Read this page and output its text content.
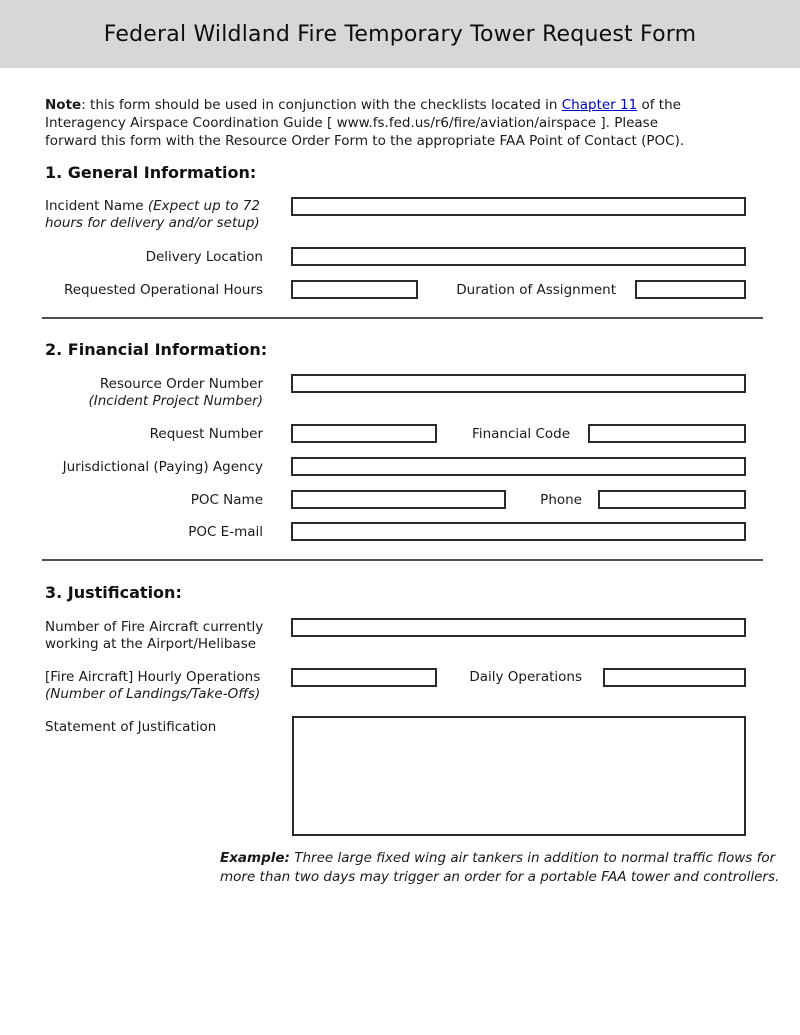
Federal Wildland Fire Temporary Tower Request Form
Note: this form should be used in conjunction with the checklists located in Chapter 11 of the
Interagency Airspace Coordination Guide [ www.fs.fed.us/r6/fire/aviation/airspace ]. Please
forward this form with the Resource Order Form to the appropriate FAA Point of Contact (POC).
1. General Information:
Incident Name (Expect up to 72
hours for delivery and/or setup)
Delivery Location
Requested Operational Hours	Duration of Assignment
2. Financial Information:
Resource Order Number
(Incident Project Number)
Request Number	Financial Code
Jurisdictional (Paying) Agency
POC Name	Phone
POC E-mail
3. Justification:
Number of Fire Aircraft currently
working at the Airport/Helibase
[Fire Aircraft] Hourly Operations
(Number of Landings/Take-Offs)
Daily Operations
Statement of Justification
Example: Three large fixed wing air tankers in addition to normal traffic flows for
more than two days may trigger an order for a portable FAA tower and controllers.
